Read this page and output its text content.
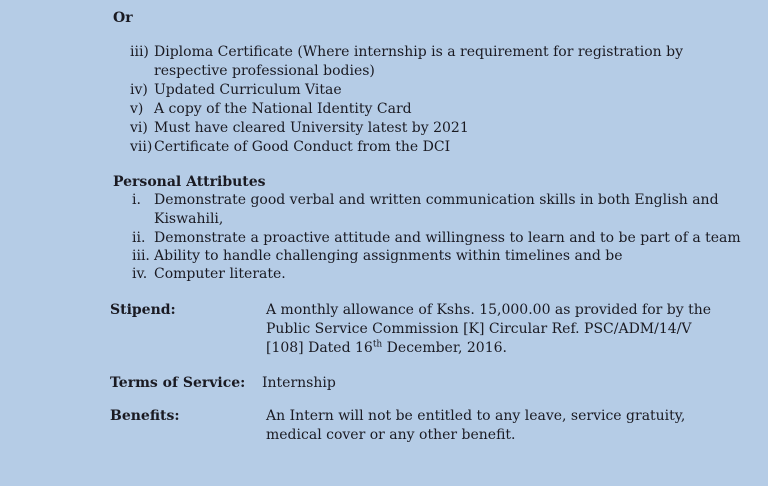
Or
iii) Diploma Certificate (Where internship is a requirement for registration by
respective professional bodies)
iv) Updated Curriculum Vitae
v) A copy of the National Identity Card
vi) Must have cleared University latest by 2021
vii) Certificate of Good Conduct from the DCI
Personal Attributes
i. Demonstrate good verbal and written communication skills in both English and
Kiswahili,
ii. Demonstrate a proactive attitude and willingness to learn and to be part of a team
iii. Ability to handle challenging assignments within timelines and be
iv. Computer literate.
Stipend:	A monthly allowance of Kshs. 15,000.00 as provided for by the
Public Service Commission [K] Circular Ref. PSC/ADM/14/V
[108] Dated 16th December, 2016.
Terms of Service: Internship
Benefits:	An Intern will not be entitled to any leave, service gratuity,
medical cover or any other benefit.
